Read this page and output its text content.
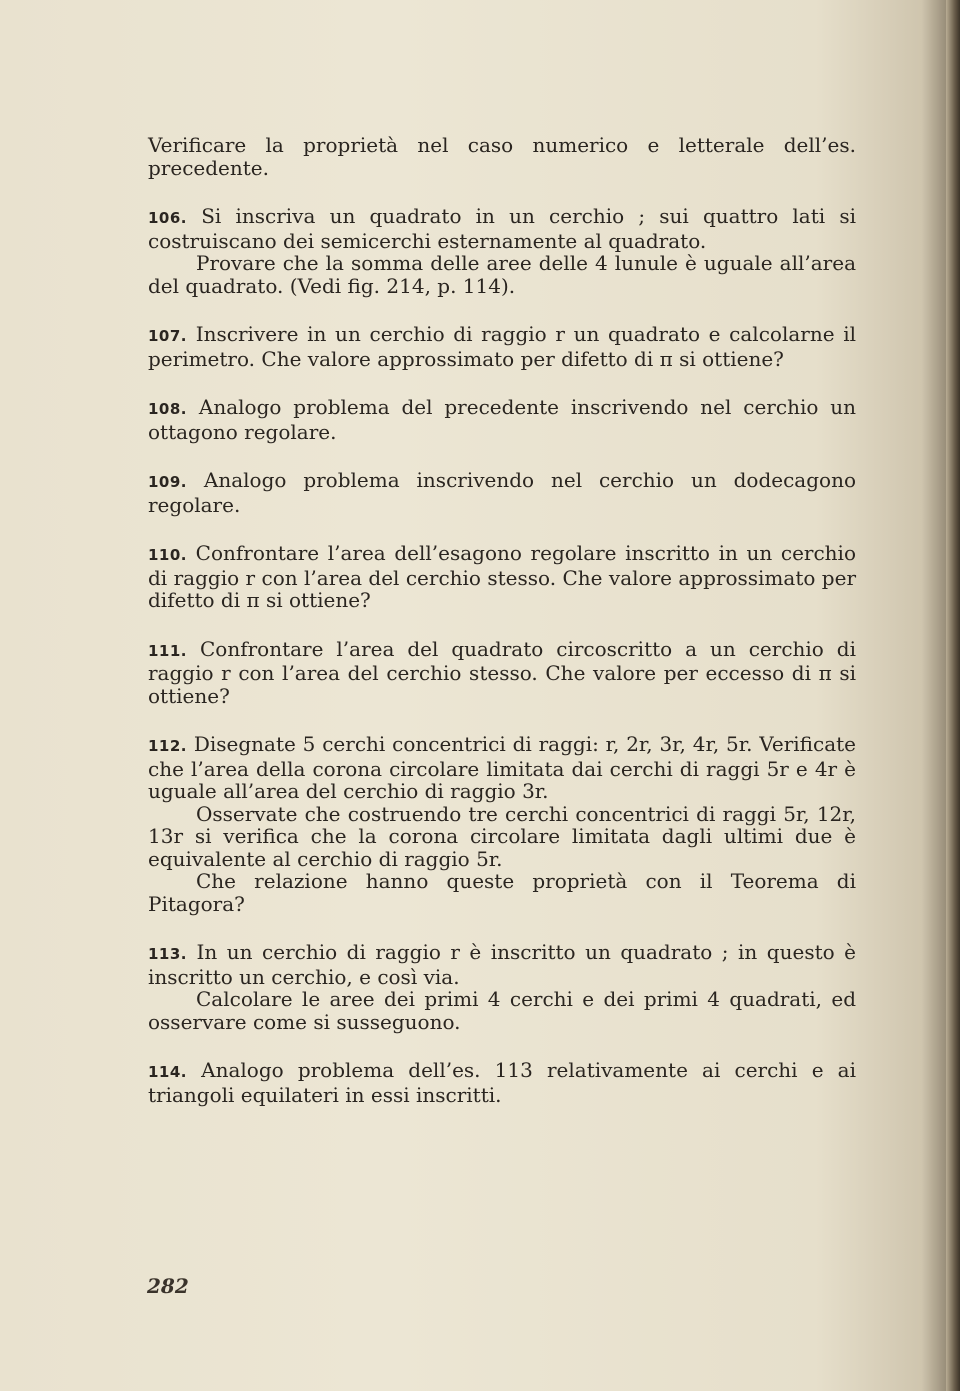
Verificare la proprietà nel caso numerico e letterale dell’es. precedente.

106. Si inscriva un quadrato in un cerchio ; sui quattro lati si costruiscano dei semicerchi esternamente al quadrato.

Provare che la somma delle aree delle 4 lunule è uguale all’area del quadrato. (Vedi fig. 214, p. 114).

107. Inscrivere in un cerchio di raggio r un quadrato e calcolarne il perimetro. Che valore approssimato per difetto di π si ottiene?

108. Analogo problema del precedente inscrivendo nel cerchio un ottagono regolare.

109. Analogo problema inscrivendo nel cerchio un dodecagono regolare.

110. Confrontare l’area dell’esagono regolare inscritto in un cerchio di raggio r con l’area del cerchio stesso. Che valore approssimato per difetto di π si ottiene?

111. Confrontare l’area del quadrato circoscritto a un cerchio di raggio r con l’area del cerchio stesso. Che valore per eccesso di π si ottiene?

112. Disegnate 5 cerchi concentrici di raggi: r, 2r, 3r, 4r, 5r. Verificate che l’area della corona circolare limitata dai cerchi di raggi 5r e 4r è uguale all’area del cerchio di raggio 3r.

Osservate che costruendo tre cerchi concentrici di raggi 5r, 12r, 13r si verifica che la corona circolare limitata dagli ultimi due è equivalente al cerchio di raggio 5r.

Che relazione hanno queste proprietà con il Teorema di Pitagora?

113. In un cerchio di raggio r è inscritto un quadrato ; in questo è inscritto un cerchio, e così via.

Calcolare le aree dei primi 4 cerchi e dei primi 4 quadrati, ed osservare come si susseguono.

114. Analogo problema dell’es. 113 relativamente ai cerchi e ai triangoli equilateri in essi inscritti.

282
